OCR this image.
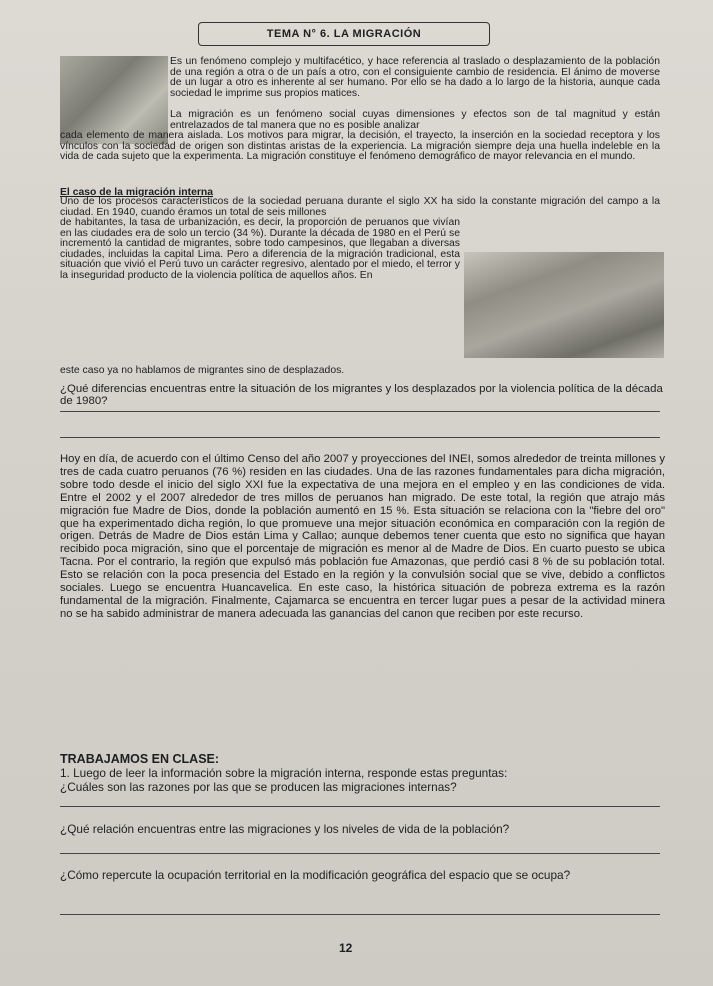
TEMA N° 6. LA MIGRACIÓN
Es un fenómeno complejo y multifacético, y hace referencia al traslado o desplazamiento de la población de una región a otra o de un país a otro, con el consiguiente cambio de residencia. El ánimo de moverse de un lugar a otro es inherente al ser humano. Por ello se ha dado a lo largo de la historia, aunque cada sociedad le imprime sus propios matices.
La migración es un fenómeno social cuyas dimensiones y efectos son de tal magnitud y están entrelazados de tal manera que no es posible analizar
cada elemento de manera aislada. Los motivos para migrar, la decisión, el trayecto, la inserción en la sociedad receptora y los vínculos con la sociedad de origen son distintas aristas de la experiencia. La migración siempre deja una huella indeleble en la vida de cada sujeto que la experimenta. La migración constituye el fenómeno demográfico de mayor relevancia en el mundo.
El caso de la migración interna
Uno de los procesos característicos de la sociedad peruana durante el siglo XX ha sido la constante migración del campo a la ciudad. En 1940, cuando éramos un total de seis millones
de habitantes, la tasa de urbanización, es decir, la proporción de peruanos que vivían en las ciudades era de solo un tercio (34 %). Durante la década de 1980 en el Perú se incrementó la cantidad de migrantes, sobre todo campesinos, que llegaban a diversas ciudades, incluidas la capital Lima. Pero a diferencia de la migración tradicional, esta situación que vivió el Perú tuvo un carácter regresivo, alentado por el miedo, el terror y la inseguridad producto de la violencia política de aquellos años. En
este caso ya no hablamos de migrantes sino de desplazados.
¿Qué diferencias encuentras entre la situación de los migrantes y los desplazados por la violencia política de la década de 1980?
Hoy en día, de acuerdo con el último Censo del año 2007 y proyecciones del INEI, somos alrededor de treinta millones y tres de cada cuatro peruanos (76 %) residen en las ciudades. Una de las razones fundamentales para dicha migración, sobre todo desde el inicio del siglo XXI fue la expectativa de una mejora en el empleo y en las condiciones de vida. Entre el 2002 y el 2007 alrededor de tres millos de peruanos han migrado. De este total, la región que atrajo más migración fue Madre de Dios, donde la población aumentó en 15 %. Esta situación se relaciona con la "fiebre del oro" que ha experimentado dicha región, lo que promueve una mejor situación económica en comparación con la región de origen. Detrás de Madre de Dios están Lima y Callao; aunque debemos tener cuenta que esto no significa que hayan recibido poca migración, sino que el porcentaje de migración es menor al de Madre de Dios. En cuarto puesto se ubica Tacna. Por el contrario, la región que expulsó más población fue Amazonas, que perdió casi 8 % de su población total. Esto se relación con la poca presencia del Estado en la región y la convulsión social que se vive, debido a conflictos sociales. Luego se encuentra Huancavelica. En este caso, la histórica situación de pobreza extrema es la razón fundamental de la migración. Finalmente, Cajamarca se encuentra en tercer lugar pues a pesar de la actividad minera no se ha sabido administrar de manera adecuada las ganancias del canon que reciben por este recurso.
TRABAJAMOS EN CLASE:
1. Luego de leer la información sobre la migración interna, responde estas preguntas:
¿Cuáles son las razones por las que se producen las migraciones internas?
¿Qué relación encuentras entre las migraciones y los niveles de vida de la población?
¿Cómo repercute la ocupación territorial en la modificación geográfica del espacio que se ocupa?
12
